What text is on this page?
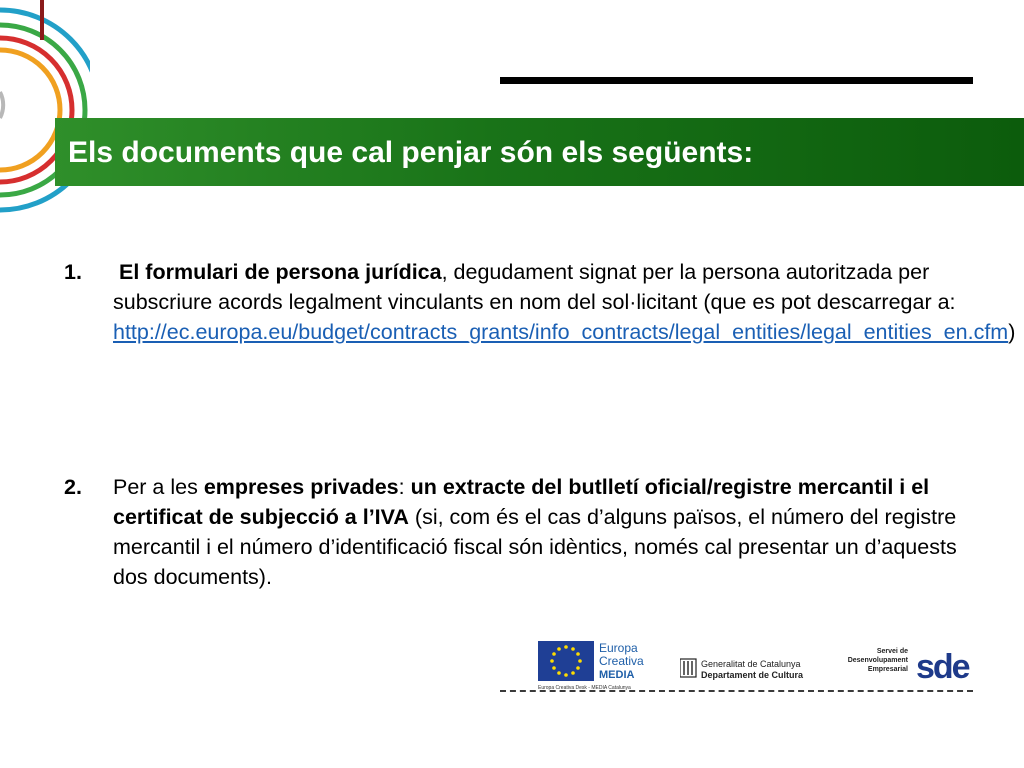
Els documents que cal penjar són els següents:
1. El formulari de persona jurídica, degudament signat per la persona autoritzada per subscriure acords legalment vinculants en nom del sol·licitant (que es pot descarregar a: http://ec.europa.eu/budget/contracts_grants/info_contracts/legal_entities/legal_entities_en.cfm)
2. Per a les empreses privades: un extracte del butlletí oficial/registre mercantil i el certificat de subjecció a l’IVA (si, com és el cas d’alguns països, el número del registre mercantil i el número d’identificació fiscal són idèntics, només cal presentar un d’aquests dos documents).
Europa
Creativa
MEDIA
Europa Creativa Desk - MEDIA Catalunya
Generalitat de Catalunya
Departament de Cultura
Servei de
Desenvolupament
Empresarial sde
